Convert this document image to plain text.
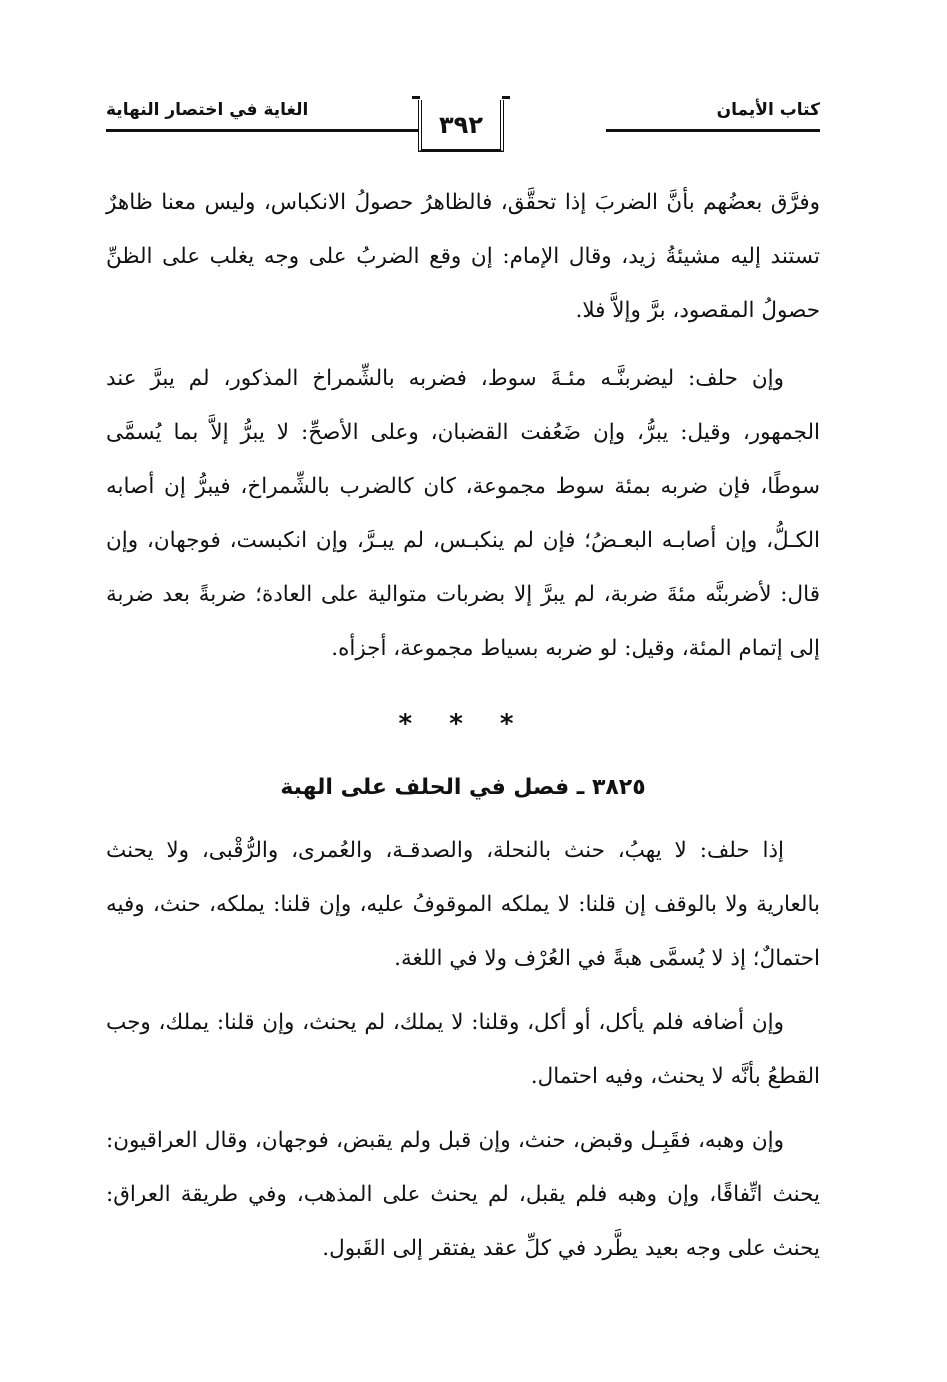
كتاب الأيمان
الغاية في اختصار النهاية
٣٩٢

وفرَّق بعضُهم بأنَّ الضربَ إذا تحقَّق، فالظاهرُ حصولُ الانكباس، وليس معنا ظاهرٌ تستند إليه مشيئةُ زيد، وقال الإمام: إن وقع الضربُ على وجه يغلب على الظنِّ حصولُ المقصود، برَّ وإلاَّ فلا.

وإن حلف: ليضربنَّـه مئـةَ سوط، فضربه بالشِّمراخ المذكور، لم يبرَّ عند الجمهور، وقيل: يبرُّ، وإن ضَعُفت القضبان، وعلى الأصحِّ: لا يبرُّ إلاَّ بما يُسمَّى سوطًا، فإن ضربه بمئة سوط مجموعة، كان كالضرب بالشِّمراخ، فيبرُّ إن أصابه الكـلُّ، وإن أصابـه البعـضُ؛ فإن لم ينكبـس، لم يبـرَّ، وإن انكبست، فوجهان، وإن قال: لأضربنَّه مئةَ ضربة، لم يبرَّ إلا بضربات متوالية على العادة؛ ضربةً بعد ضربة إلى إتمام المئة، وقيل: لو ضربه بسياط مجموعة، أجزأه.

* * *
٣٨٢٥ ـ فصل في الحلف على الهبة

إذا حلف: لا يهبُ، حنث بالنحلة، والصدقـة، والعُمرى، والرُّقْبى، ولا يحنث بالعارية ولا بالوقف إن قلنا: لا يملكه الموقوفُ عليه، وإن قلنا: يملكه، حنث، وفيه احتمالٌ؛ إذ لا يُسمَّى هبةً في العُرْف ولا في اللغة.

وإن أضافه فلم يأكل، أو أكل، وقلنا: لا يملك، لم يحنث، وإن قلنا: يملك، وجب القطعُ بأنَّه لا يحنث، وفيه احتمال.

وإن وهبه، فقَبِـل وقبض، حنث، وإن قبل ولم يقبض، فوجهان، وقال العراقيون: يحنث اتِّفاقًا، وإن وهبه فلم يقبل، لم يحنث على المذهب، وفي طريقة العراق: يحنث على وجه بعيد يطَّرد في كلِّ عقد يفتقر إلى القَبول.
